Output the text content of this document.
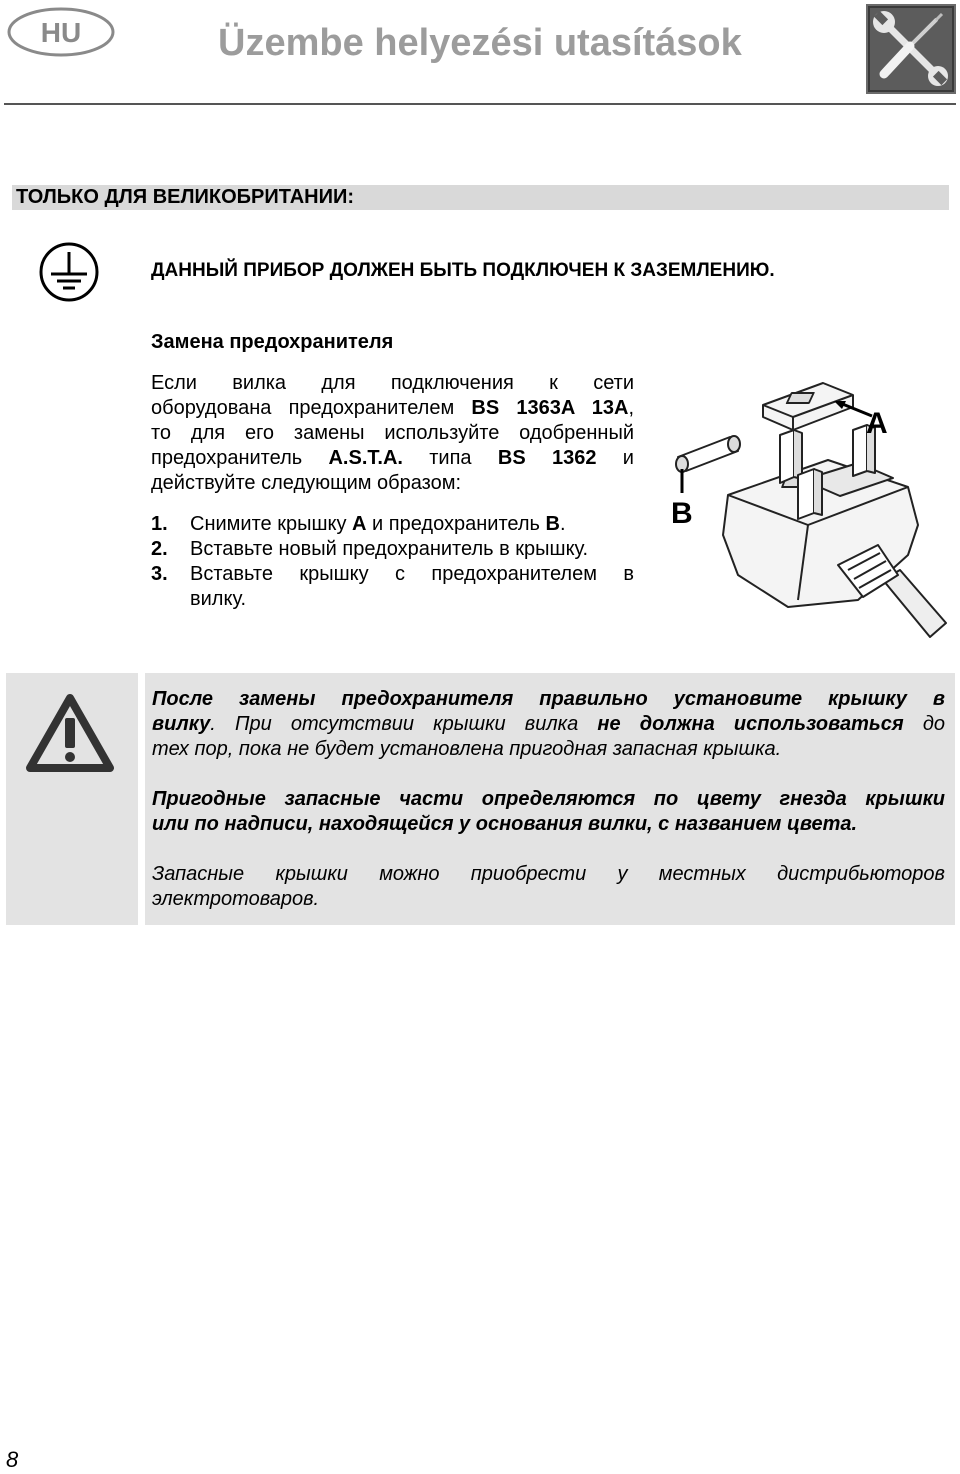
HU	Üzembe helyezési utasítások
ТОЛЬКО ДЛЯ ВЕЛИКОБРИТАНИИ:
ДАННЫЙ ПРИБОР ДОЛЖЕН БЫТЬ ПОДКЛЮЧЕН К ЗАЗЕМЛЕНИЮ.
Замена предохранителя
Если вилка для подключения к сети
оборудована предохранителем BS 1363A 13A,
то для его замены используйте одобренный
предохранитель A.S.T.A. типа BS 1362 и
действуйте следующим образом:
1. Снимите крышку A и предохранитель B.
2. Вставьте новый предохранитель в крышку.
3. Вставьте крышку с предохранителем в
вилку.
A
B
После замены предохранителя правильно установите крышку в
вилку. При отсутствии крышки вилка не должна использоваться до
тех пор, пока не будет установлена пригодная запасная крышка.
Пригодные запасные части определяются по цвету гнезда крышки
или по надписи, находящейся у основания вилки, с названием цвета.
Запасные крышки можно приобрести у местных дистрибьюторов
электротоваров.
8
